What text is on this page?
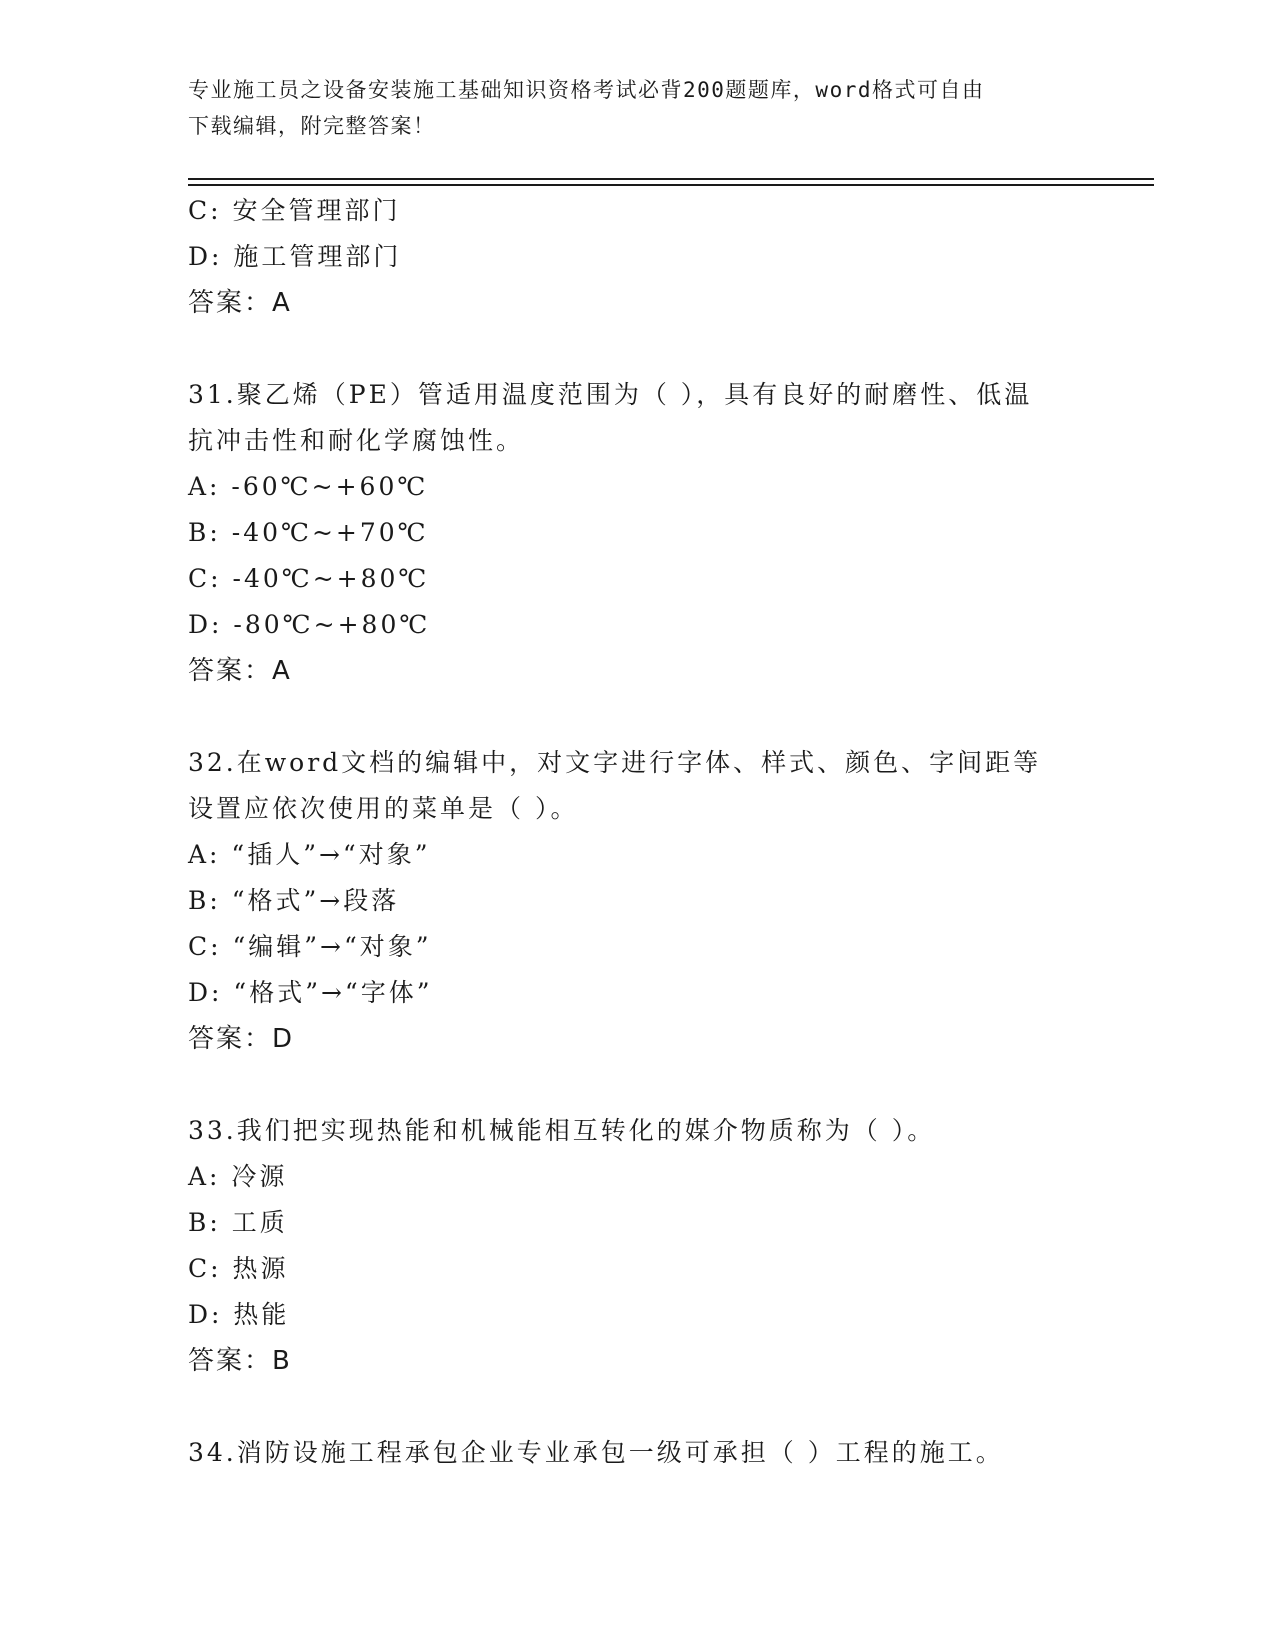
专业施工员之设备安装施工基础知识资格考试必背200题题库，word格式可自由
下载编辑，附完整答案！
C: 安全管理部门
D: 施工管理部门
答案：A
31.聚乙烯（PE）管适用温度范围为（ ），具有良好的耐磨性、低温
抗冲击性和耐化学腐蚀性。
A: -60℃~+60℃
B: -40℃~+70℃
C: -40℃~+80℃
D: -80℃~+80℃
答案：A
32.在word文档的编辑中，对文字进行字体、样式、颜色、字间距等
设置应依次使用的菜单是（ ）。
A: “插人”→“对象”
B: “格式”→段落
C: “编辑”→“对象”
D: “格式”→“字体”
答案：D
33.我们把实现热能和机械能相互转化的媒介物质称为（ ）。
A: 冷源
B: 工质
C: 热源
D: 热能
答案：B
34.消防设施工程承包企业专业承包一级可承担（ ）工程的施工。
